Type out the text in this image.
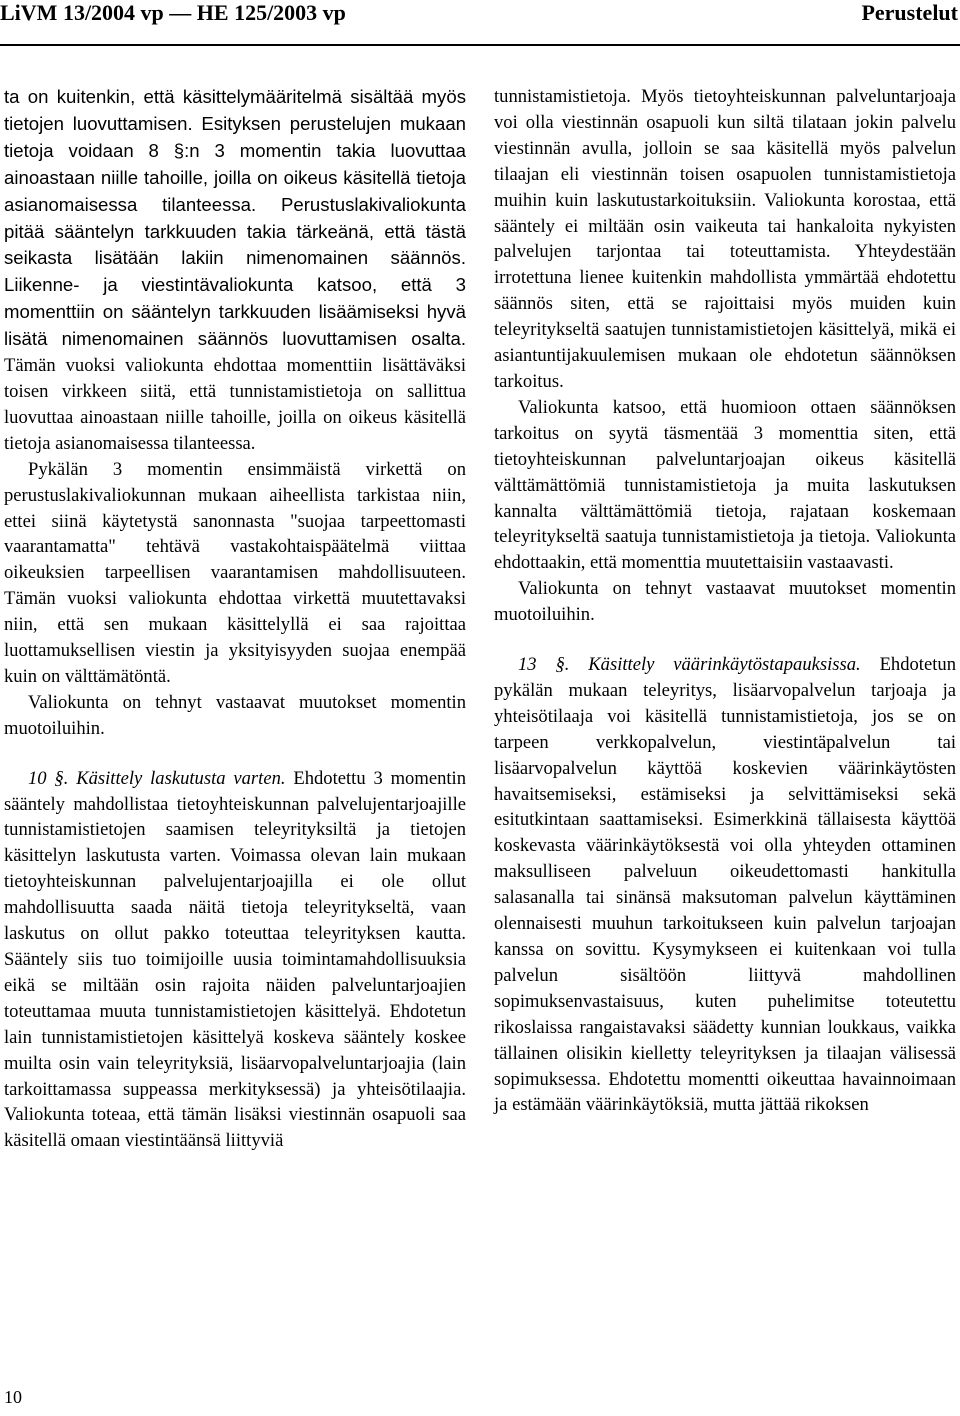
LiVM 13/2004 vp — HE 125/2003 vp	Perustelut

ta on kuitenkin, että käsittelymääritelmä sisältää myös tietojen luovuttamisen. Esityksen perustelujen mukaan tietoja voidaan 8 §:n 3 momentin takia luovuttaa ainoastaan niille tahoille, joilla on oikeus käsitellä tietoja asianomaisessa tilanteessa. Perustuslakivaliokunta pitää sääntelyn tarkkuuden takia tärkeänä, että tästä seikasta lisätään lakiin nimenomainen säännös. Liikenne- ja viestintävaliokunta katsoo, että 3 momenttiin on sääntelyn tarkkuuden lisäämiseksi hyvä lisätä nimenomainen säännös luovuttamisen osalta. Tämän vuoksi valiokunta ehdottaa momenttiin lisättäväksi toisen virkkeen siitä, että tunnistamistietoja on sallittua luovuttaa ainoastaan niille tahoille, joilla on oikeus käsitellä tietoja asianomaisessa tilanteessa.

Pykälän 3 momentin ensimmäistä virkettä on perustuslakivaliokunnan mukaan aiheellista tarkistaa niin, ettei siinä käytetystä sanonnasta "suojaa tarpeettomasti vaarantamatta" tehtävä vastakohtaispäätelmä viittaa oikeuksien tarpeellisen vaarantamisen mahdollisuuteen. Tämän vuoksi valiokunta ehdottaa virkettä muutettavaksi niin, että sen mukaan käsittelyllä ei saa rajoittaa luottamuksellisen viestin ja yksityisyyden suojaa enempää kuin on välttämätöntä.

Valiokunta on tehnyt vastaavat muutokset momentin muotoiluihin.

10 §. Käsittely laskutusta varten. Ehdotettu 3 momentin sääntely mahdollistaa tietoyhteiskunnan palvelujentarjoajille tunnistamistietojen saamisen teleyrityksiltä ja tietojen käsittelyn laskutusta varten. Voimassa olevan lain mukaan tietoyhteiskunnan palvelujentarjoajilla ei ole ollut mahdollisuutta saada näitä tietoja teleyritykseltä, vaan laskutus on ollut pakko toteuttaa teleyrityksen kautta. Sääntely siis tuo toimijoille uusia toimintamahdollisuuksia eikä se miltään osin rajoita näiden palveluntarjoajien toteuttamaa muuta tunnistamistietojen käsittelyä. Ehdotetun lain tunnistamistietojen käsittelyä koskeva sääntely koskee muilta osin vain teleyrityksiä, lisäarvopalveluntarjoajia (lain tarkoittamassa suppeassa merkityksessä) ja yhteisötilaajia. Valiokunta toteaa, että tämän lisäksi viestinnän osapuoli saa käsitellä omaan viestintäänsä liittyviä

tunnistamistietoja. Myös tietoyhteiskunnan palveluntarjoaja voi olla viestinnän osapuoli kun siltä tilataan jokin palvelu viestinnän avulla, jolloin se saa käsitellä myös palvelun tilaajan eli viestinnän toisen osapuolen tunnistamistietoja muihin kuin laskutustarkoituksiin. Valiokunta korostaa, että sääntely ei miltään osin vaikeuta tai hankaloita nykyisten palvelujen tarjontaa tai toteuttamista. Yhteydestään irrotettuna lienee kuitenkin mahdollista ymmärtää ehdotettu säännös siten, että se rajoittaisi myös muiden kuin teleyritykseltä saatujen tunnistamistietojen käsittelyä, mikä ei asiantuntijakuulemisen mukaan ole ehdotetun säännöksen tarkoitus.

Valiokunta katsoo, että huomioon ottaen säännöksen tarkoitus on syytä täsmentää 3 momenttia siten, että tietoyhteiskunnan palveluntarjoajan oikeus käsitellä välttämättömiä tunnistamistietoja ja muita laskutuksen kannalta välttämättömiä tietoja, rajataan koskemaan teleyritykseltä saatuja tunnistamistietoja ja tietoja. Valiokunta ehdottaakin, että momenttia muutettaisiin vastaavasti.

Valiokunta on tehnyt vastaavat muutokset momentin muotoiluihin.

13 §. Käsittely väärinkäytöstapauksissa. Ehdotetun pykälän mukaan teleyritys, lisäarvopalvelun tarjoaja ja yhteisötilaaja voi käsitellä tunnistamistietoja, jos se on tarpeen verkkopalvelun, viestintäpalvelun tai lisäarvopalvelun käyttöä koskevien väärinkäytösten havaitsemiseksi, estämiseksi ja selvittämiseksi sekä esitutkintaan saattamiseksi. Esimerkkinä tällaisesta käyttöä koskevasta väärinkäytöksestä voi olla yhteyden ottaminen maksulliseen palveluun oikeudettomasti hankitulla salasanalla tai sinänsä maksutoman palvelun käyttäminen olennaisesti muuhun tarkoitukseen kuin palvelun tarjoajan kanssa on sovittu. Kysymykseen ei kuitenkaan voi tulla palvelun sisältöön liittyvä mahdollinen sopimuksenvastaisuus, kuten puhelimitse toteutettu rikoslaissa rangaistavaksi säädetty kunnian loukkaus, vaikka tällainen olisikin kielletty teleyrityksen ja tilaajan välisessä sopimuksessa. Ehdotettu momentti oikeuttaa havainnoimaan ja estämään väärinkäytöksiä, mutta jättää rikoksen

10
